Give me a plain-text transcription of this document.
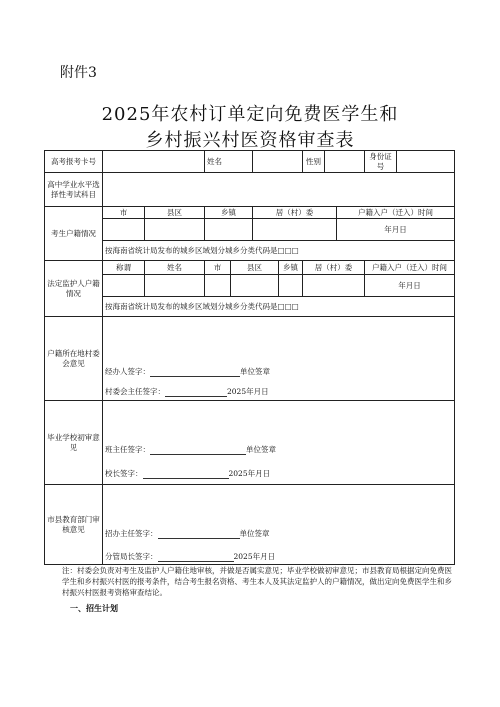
附件3
2025年农村订单定向免费医学生和
乡村振兴村医资格审查表
高考报考卡号			姓名				性别			身份证号	
高中学业水平选择性考试科目											
考生户籍情况	市	县区	乡镇		居（村）委				户籍入户（迁入）时间		
									年月日		
	按海南省统计局发布的城乡区域划分城乡分类代码是□□□										
法定监护人户籍情况	称谓	姓名	市	县区		乡镇	居（村）委			户籍入户（迁入）时间	
										年月日	
	按海南省统计局发布的城乡区域划分城乡分类代码是□□□										
户籍所在地村委会意见	经办人签字： 单位签章
村委会主任签字： 2025年月日										

毕业学校初审意见	班主任签字： 单位签章
校长签字： 2025年月日										

市县教育部门审核意见	招办主任签字： 单位签章
分管局长签字： 2025年月日										
注：村委会负责对考生及监护人户籍住地审核，并做是否属实意见；毕业学校做初审意见；市县教育局根据定向免费医学生和乡村振兴村医的报考条件，结合考生报名资格、考生本人及其法定监护人的户籍情况，做出定向免费医学生和乡村振兴村医报考资格审查结论。
一、招生计划
